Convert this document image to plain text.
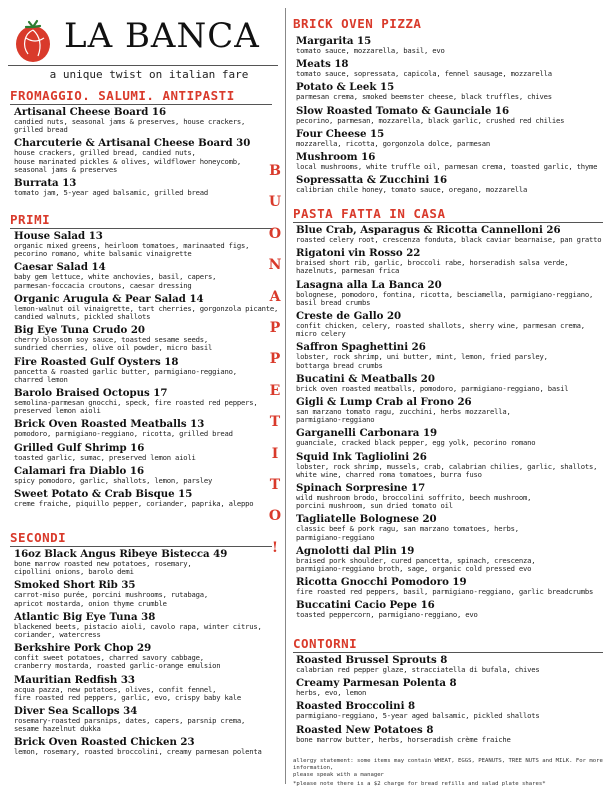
LA BANCA
a unique twist on italian fare
FROMAGGIO. SALUMI. ANTIPASTI
Artisanal Cheese Board 16
candied nuts, seasonal jams & preserves, house crackers,
grilled bread
Charcuterie & Artisanal Cheese Board 30
house crackers, grilled bread, candied nuts,
house marinated pickles & olives, wildflower honeycomb,
seasonal jams & preserves
Burrata 13
tomato jam, 5-year aged balsamic, grilled bread
PRIMI
House Salad 13
organic mixed greens, heirloom tomatoes, marinaated figs,
pecorino romano, white balsamic vinaigrette
Caesar Salad 14
baby gem lettuce, white anchovies, basil, capers,
parmesan-foccacia croutons, caesar dressing
Organic Arugula & Pear Salad 14
lemon-walnut oil vinaigrette, tart cherries, gorgonzola picante,
candied walnuts, pickled shallots
Big Eye Tuna Crudo 20
cherry blossom soy sauce, toasted sesame seeds,
sundried cherries, olive oil powder, micro basil
Fire Roasted Gulf Oysters 18
pancetta & roasted garlic butter, parmigiano-reggiano,
charred lemon
Barolo Braised Octopus 17
semolina-parmesan gnocchi, speck, fire roasted red peppers,
preserved lemon aioli
Brick Oven Roasted Meatballs 13
pomodoro, parmigiano-reggiano, ricotta, grilled bread
Grilled Gulf Shrimp 16
toasted garlic, sumac, preserved lemon aioli
Calamari fra Diablo 16
spicy pomodoro, garlic, shallots, lemon, parsley
Sweet Potato & Crab Bisque 15
creme fraiche, piquillo pepper, coriander, paprika, aleppo
SECONDI
16oz Black Angus Ribeye Bistecca 49
bone marrow roasted new potatoes, rosemary,
cipollini onions, barolo demi
Smoked Short Rib 35
carrot-miso purée, porcini mushrooms, rutabaga,
apricot mostarda, onion thyme crumble
Atlantic Big Eye Tuna 38
blackened beets, pistacio aioli, cavolo rapa, winter citrus,
coriander, watercress
Berkshire Pork Chop 29
confit sweet potatoes, charred savory cabbage,
cranberry mostarda, roasted garlic-orange emulsion
Mauritian Redfish 33
acqua pazza, new potatoes, olives, confit fennel,
fire roasted red peppers, garlic, evo, crispy baby kale
Diver Sea Scallops 34
rosemary-roasted parsnips, dates, capers, parsnip crema,
sesame hazelnut dukka
Brick Oven Roasted Chicken 23
lemon, rosemary, roasted broccolini, creamy parmesan polenta
B
U
O
N
A
P
P
E
T
I
T
O
!
BRICK OVEN PIZZA
Margarita 15
tomato sauce, mozzarella, basil, evo
Meats 18
tomato sauce, sopressata, capicola, fennel sausage, mozzarella
Potato & Leek 15
parmesan crema, smoked beemster cheese, black truffles, chives
Slow Roasted Tomato & Gaunciale 16
pecorino, parmesan, mozzarella, black garlic, crushed red chilies
Four Cheese 15
mozzarella, ricotta, gorgonzola dolce, parmesan
Mushroom 16
local mushrooms, white truffle oil, parmesan crema, toasted garlic, thyme
Sopressatta & Zucchini 16
calibrian chile honey, tomato sauce, oregano, mozzarella
PASTA FATTA IN CASA
Blue Crab, Asparagus & Ricotta Cannelloni 26
roasted celery root, crescenza fonduta, black caviar bearnaise, pan gratto
Rigatoni vin Rosso 22
braised short rib, garlic, broccoli rabe, horseradish salsa verde,
hazelnuts, parmesan frica
Lasagna alla La Banca 20
bolognese, pomodoro, fontina, ricotta, besciamella, parmigiano-reggiano,
basil bread crumbs
Creste de Gallo 20
confit chicken, celery, roasted shallots, sherry wine, parmesan crema,
micro celery
Saffron Spaghettini 26
lobster, rock shrimp, uni butter, mint, lemon, fried parsley,
bottarga bread crumbs
Bucatini & Meatballs 20
brick oven roasted meatballs, pomodoro, parmigiano-reggiano, basil
Gigli & Lump Crab al Frono 26
san marzano tomato ragu, zucchini, herbs mozzarella,
parmigiano-reggiano
Garganelli Carbonara 19
guanciale, cracked black pepper, egg yolk, pecorino romano
Squid Ink Tagliolini 26
lobster, rock shrimp, mussels, crab, calabrian chilies, garlic, shallots,
white wine, charred roma tomatoes, burra fuso
Spinach Sorpresine 17
wild mushroom brodo, broccolini soffrito, beech mushroom,
porcini mushroom, sun dried tomato oil
Tagliatelle Bolognese 20
classic beef & pork ragu, san marzano tomatoes, herbs,
parmigiano-reggiano
Agnolotti dal Plin 19
braised pork shoulder, cured pancetta, spinach, crescenza,
parmigiano-reggiano broth, sage, organic cold pressed evo
Ricotta Gnocchi Pomodoro 19
fire roasted red peppers, basil, parmigiano-reggiano, garlic breadcrumbs
Buccatini Cacio Pepe 16
toasted peppercorn, parmigiano-reggiano, evo
CONTORNI
Roasted Brussel Sprouts 8
calabrian red pepper glaze, stracciatella di bufala, chives
Creamy Parmesan Polenta 8
herbs, evo, lemon
Roasted Broccolini 8
parmigiano-reggiano, 5-year aged balsamic, pickled shallots
Roasted New Potatoes 8
bone marrow butter, herbs, horseradish crème fraiche
allergy statement: some items may contain WHEAT, EGGS, PEANUTS, TREE NUTS and MILK. For more information,
please speak with a manager
*please note there is a $2 charge for bread refills and salad plate shares*
